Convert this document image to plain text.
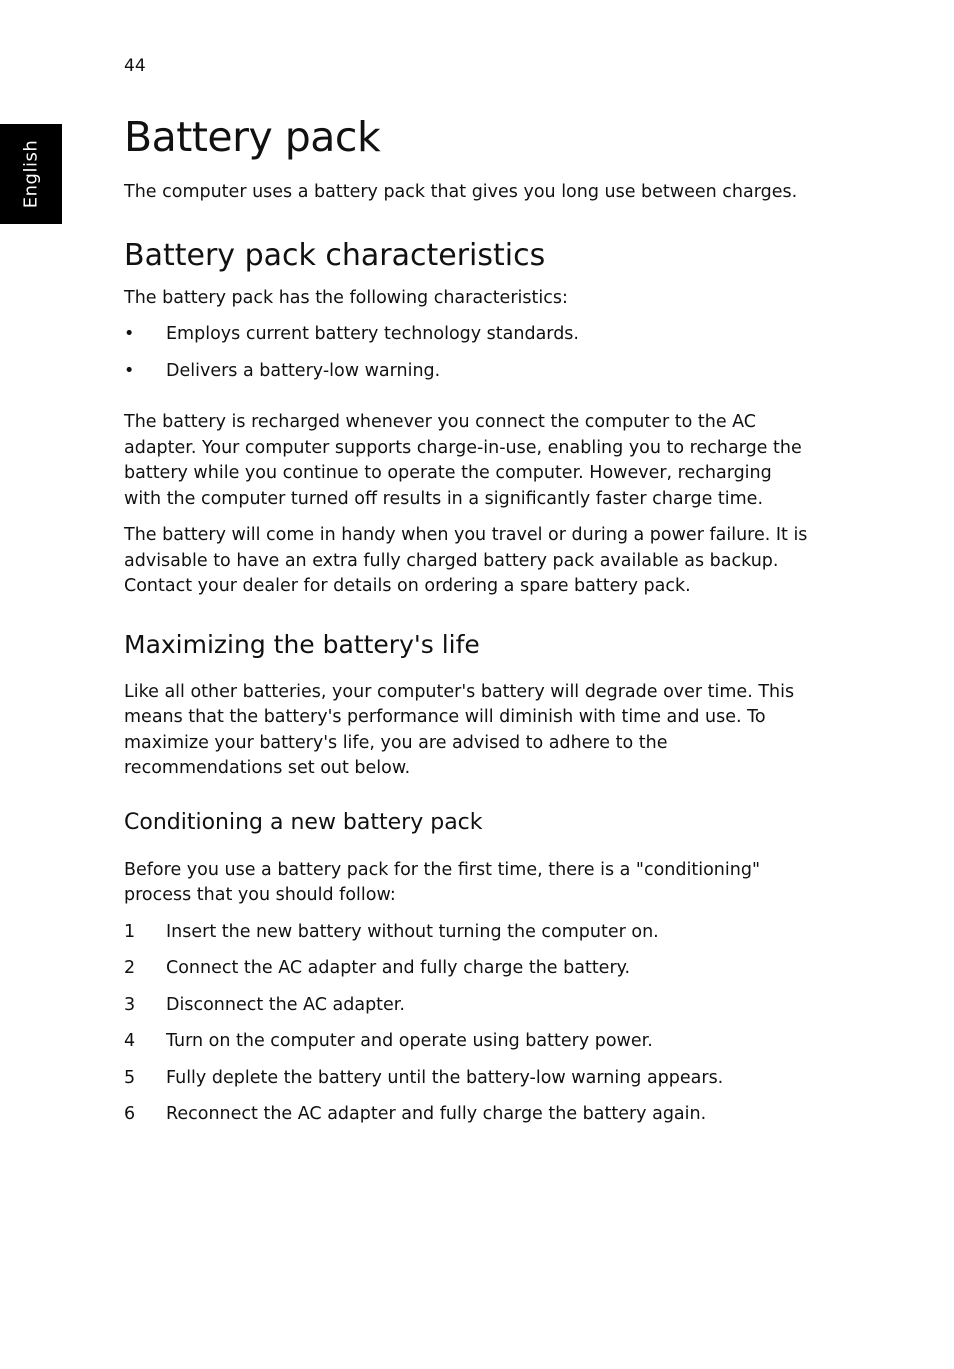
English
44
Battery pack

The computer uses a battery pack that gives you long use between charges.

Battery pack characteristics

The battery pack has the following characteristics:

•	Employs current battery technology standards.
•	Delivers a battery-low warning.

The battery is recharged whenever you connect the computer to the AC adapter. Your computer supports charge-in-use, enabling you to recharge the battery while you continue to operate the computer. However, recharging with the computer turned off results in a significantly faster charge time.

The battery will come in handy when you travel or during a power failure. It is advisable to have an extra fully charged battery pack available as backup. Contact your dealer for details on ordering a spare battery pack.

Maximizing the battery's life

Like all other batteries, your computer's battery will degrade over time. This means that the battery's performance will diminish with time and use. To maximize your battery's life, you are advised to adhere to the recommendations set out below.

Conditioning a new battery pack

Before you use a battery pack for the first time, there is a "conditioning" process that you should follow:

1	Insert the new battery without turning the computer on.
2	Connect the AC adapter and fully charge the battery.
3	Disconnect the AC adapter.
4	Turn on the computer and operate using battery power.
5	Fully deplete the battery until the battery-low warning appears.
6	Reconnect the AC adapter and fully charge the battery again.
